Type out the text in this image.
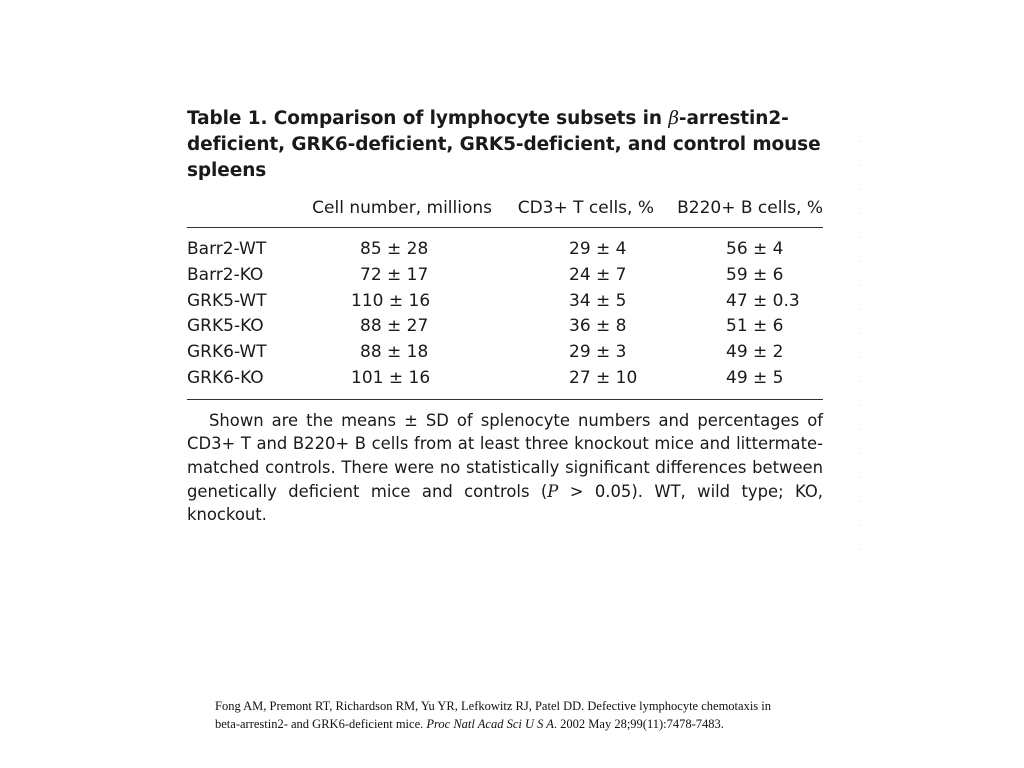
Table 1. Comparison of lymphocyte subsets in β-arrestin2-deficient, GRK6-deficient, GRK5-deficient, and control mouse spleens

	Cell number, millions	CD3+ T cells, %	B220+ B cells, %
Barr2-WT	85 ± 28	29 ± 4	56 ± 4
Barr2-KO	72 ± 17	24 ± 7	59 ± 6
GRK5-WT	110 ± 16	34 ± 5	47 ± 0.3
GRK5-KO	88 ± 27	36 ± 8	51 ± 6
GRK6-WT	88 ± 18	29 ± 3	49 ± 2
GRK6-KO	101 ± 16	27 ± 10	49 ± 5

Shown are the means ± SD of splenocyte numbers and percentages of CD3+ T and B220+ B cells from at least three knockout mice and littermate-matched controls. There were no statistically significant differences between genetically deficient mice and controls (P > 0.05). WT, wild type; KO, knockout.

Fong AM, Premont RT, Richardson RM, Yu YR, Lefkowitz RJ, Patel DD. Defective lymphocyte chemotaxis in beta-arrestin2- and GRK6-deficient mice. Proc Natl Acad Sci U S A. 2002 May 28;99(11):7478-7483.
